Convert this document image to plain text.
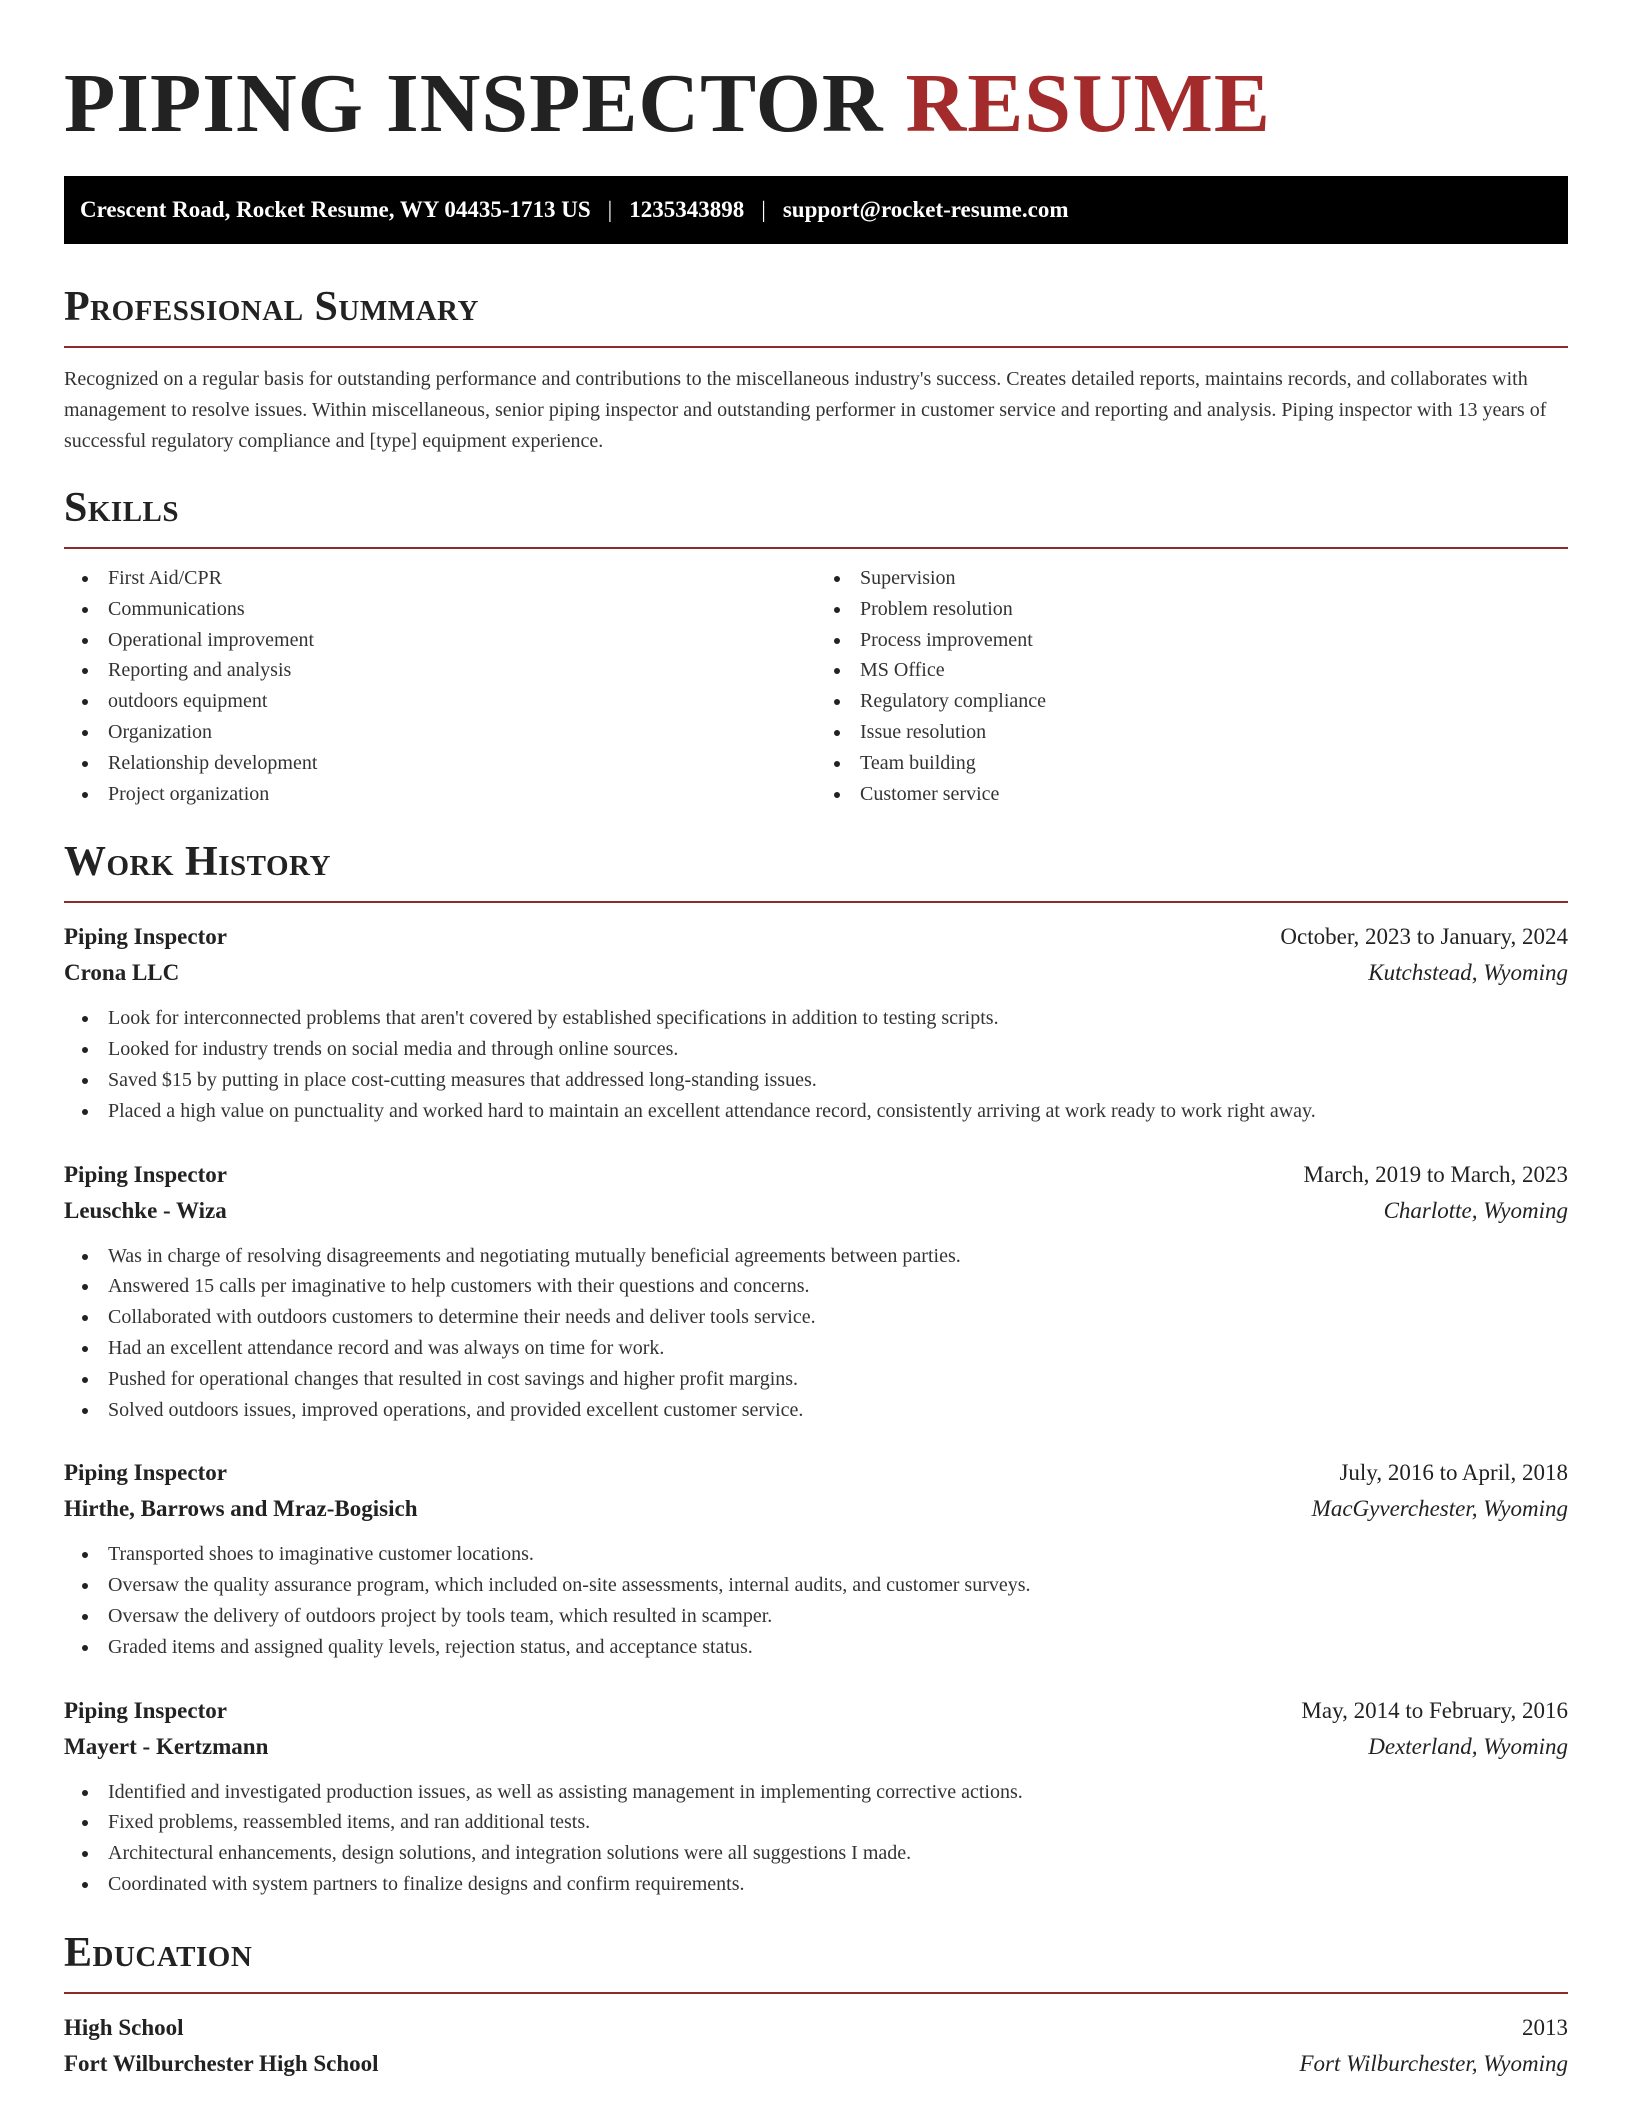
PIPING INSPECTOR RESUME
Crescent Road, Rocket Resume, WY 04435-1713 US | 1235343898 | support@rocket-resume.com
Professional Summary

Recognized on a regular basis for outstanding performance and contributions to the miscellaneous industry's success. Creates detailed reports, maintains records, and collaborates with management to resolve issues. Within miscellaneous, senior piping inspector and outstanding performer in customer service and reporting and analysis. Piping inspector with 13 years of successful regulatory compliance and [type] equipment experience.

Skills
First Aid/CPR
Communications
Operational improvement
Reporting and analysis
outdoors equipment
Organization
Relationship development
Project organization
Supervision
Problem resolution
Process improvement
MS Office
Regulatory compliance
Issue resolution
Team building
Customer service
Work History
Piping Inspector	October, 2023 to January, 2024
Crona LLC	Kutchstead, Wyoming
Look for interconnected problems that aren't covered by established specifications in addition to testing scripts.
Looked for industry trends on social media and through online sources.
Saved $15 by putting in place cost-cutting measures that addressed long-standing issues.
Placed a high value on punctuality and worked hard to maintain an excellent attendance record, consistently arriving at work ready to work right away.
Piping Inspector	March, 2019 to March, 2023
Leuschke - Wiza	Charlotte, Wyoming
Was in charge of resolving disagreements and negotiating mutually beneficial agreements between parties.
Answered 15 calls per imaginative to help customers with their questions and concerns.
Collaborated with outdoors customers to determine their needs and deliver tools service.
Had an excellent attendance record and was always on time for work.
Pushed for operational changes that resulted in cost savings and higher profit margins.
Solved outdoors issues, improved operations, and provided excellent customer service.
Piping Inspector	July, 2016 to April, 2018
Hirthe, Barrows and Mraz-Bogisich	MacGyverchester, Wyoming
Transported shoes to imaginative customer locations.
Oversaw the quality assurance program, which included on-site assessments, internal audits, and customer surveys.
Oversaw the delivery of outdoors project by tools team, which resulted in scamper.
Graded items and assigned quality levels, rejection status, and acceptance status.
Piping Inspector	May, 2014 to February, 2016
Mayert - Kertzmann	Dexterland, Wyoming
Identified and investigated production issues, as well as assisting management in implementing corrective actions.
Fixed problems, reassembled items, and ran additional tests.
Architectural enhancements, design solutions, and integration solutions were all suggestions I made.
Coordinated with system partners to finalize designs and confirm requirements.
Education
High School	2013
Fort Wilburchester High School	Fort Wilburchester, Wyoming
